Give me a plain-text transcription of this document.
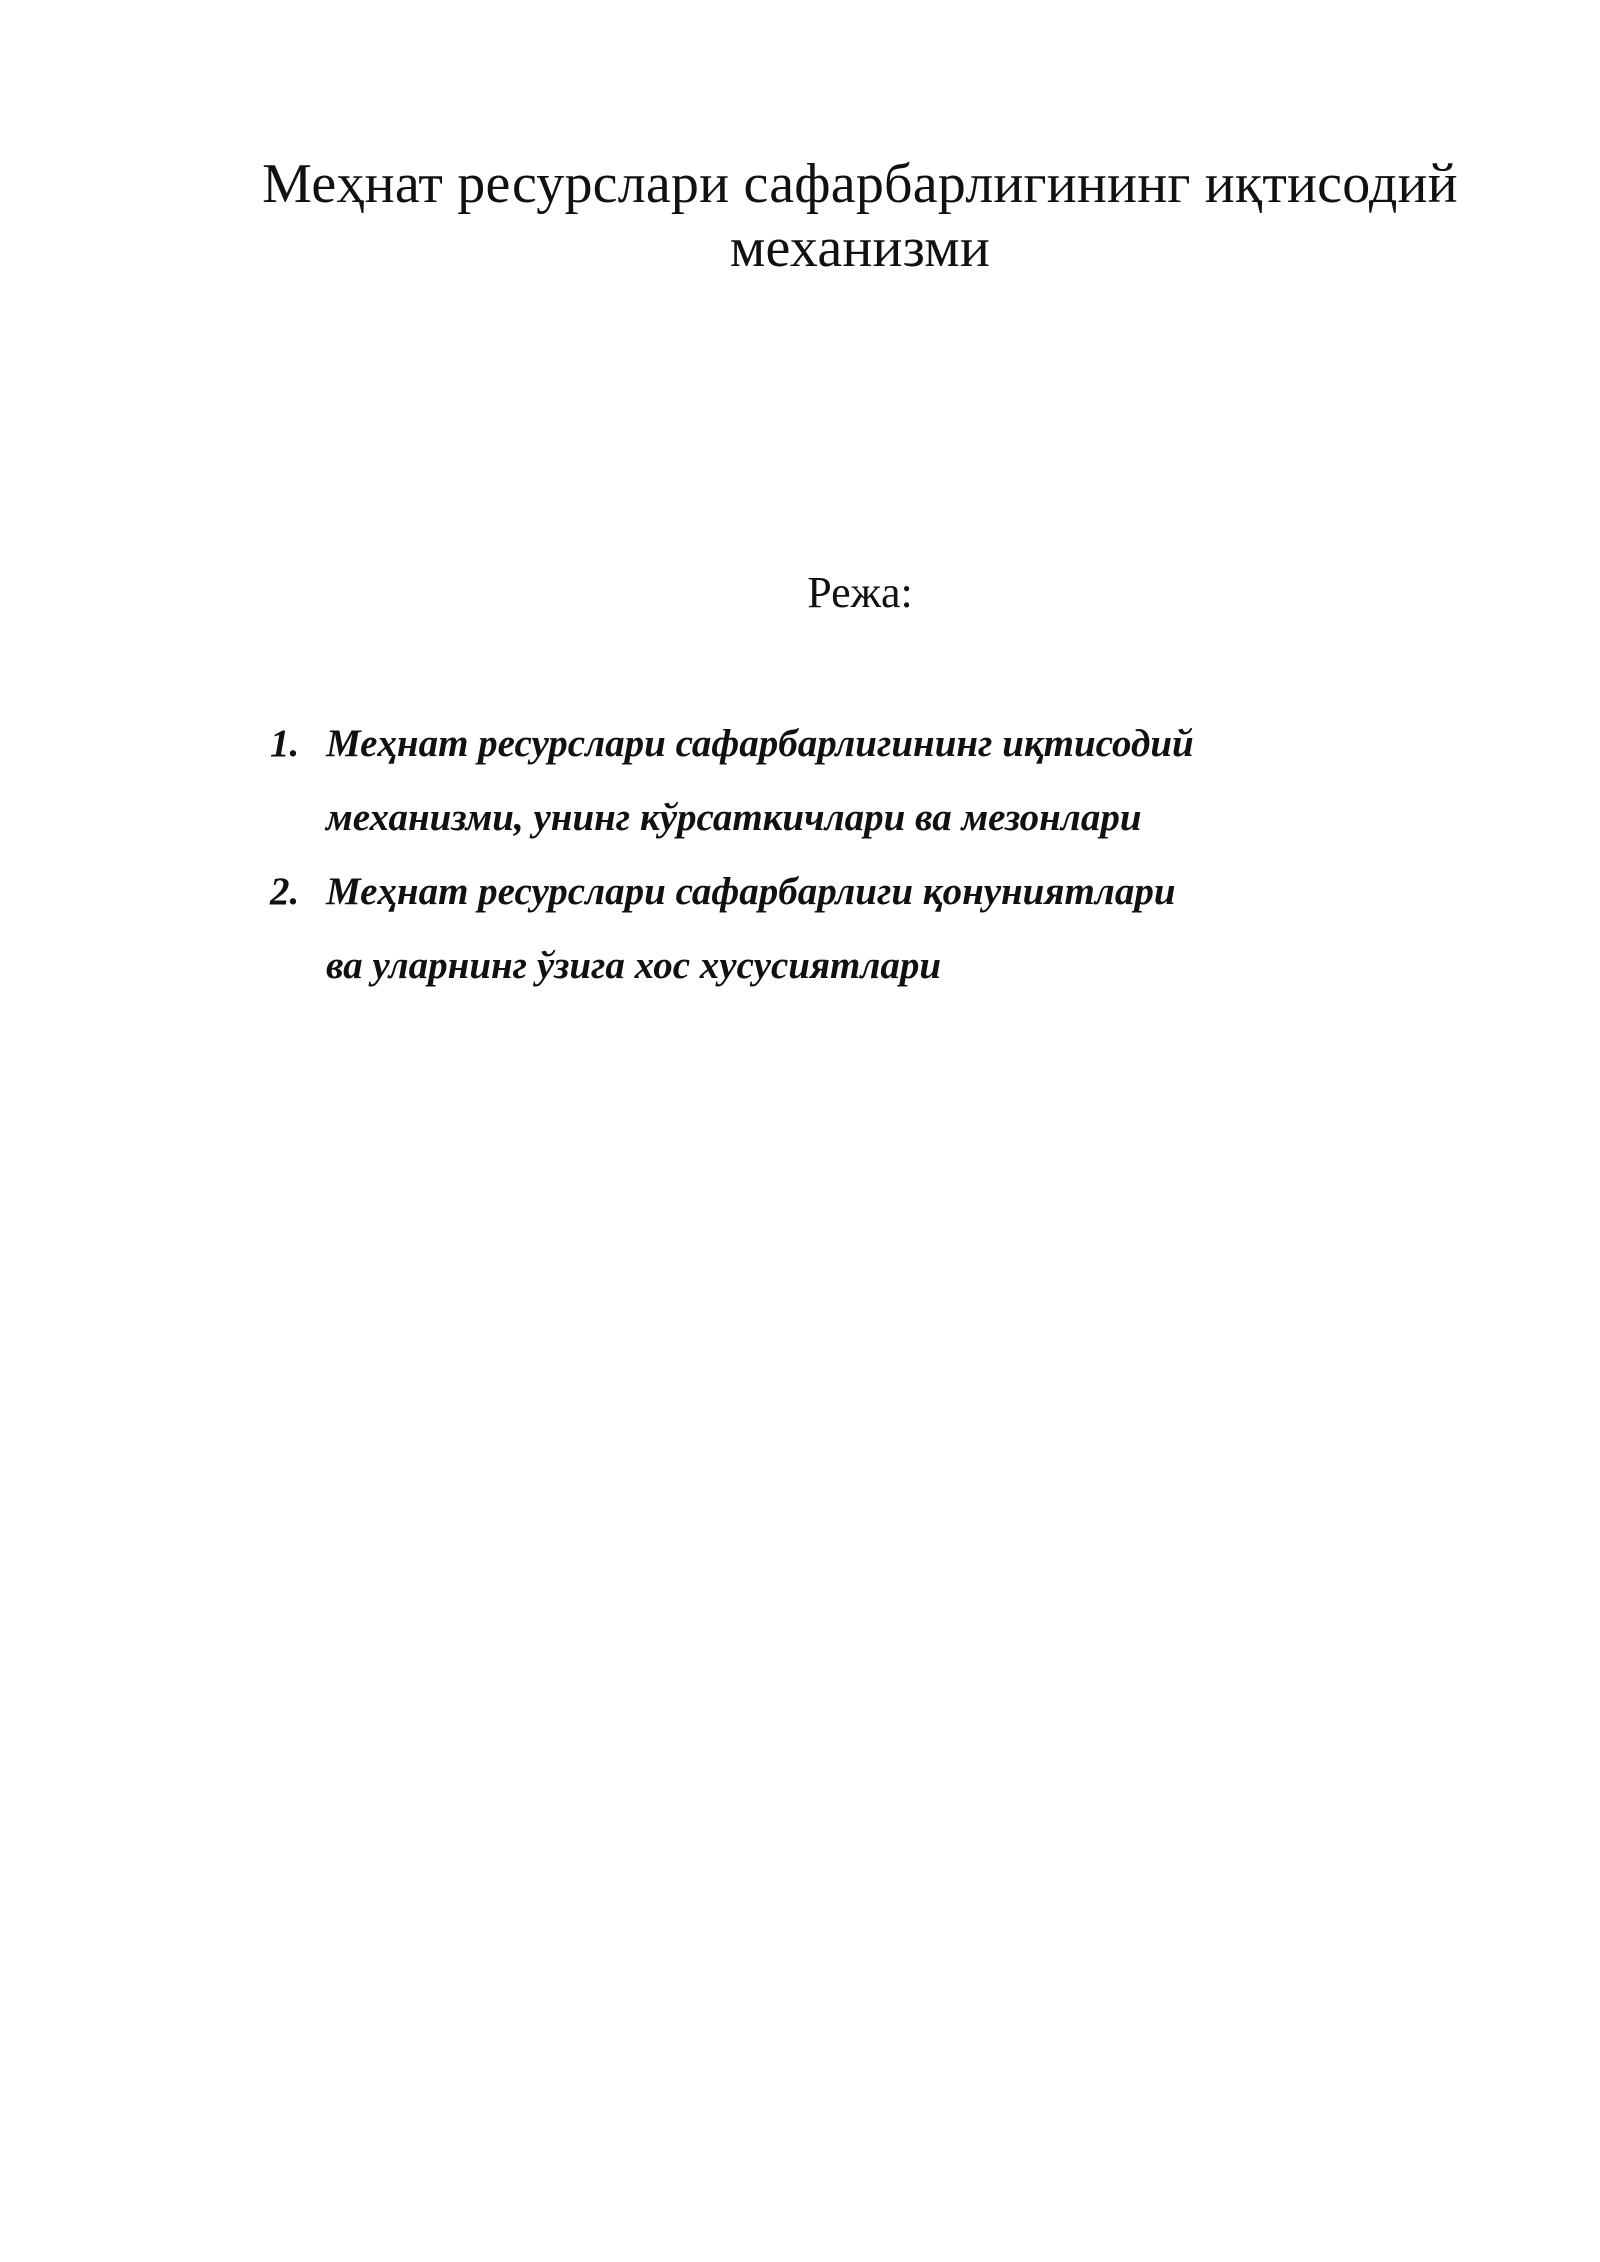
Меҳнат ресурслари сафарбарлигининг иқтисодий механизми
Режа:
1. Меҳнат ресурслари сафарбарлигининг иқтисодий механизми, унинг кўрсаткичлари ва мезонлари
2. Меҳнат ресурслари сафарбарлиги қонуниятлари ва уларнинг ўзига хос хусусиятлари
